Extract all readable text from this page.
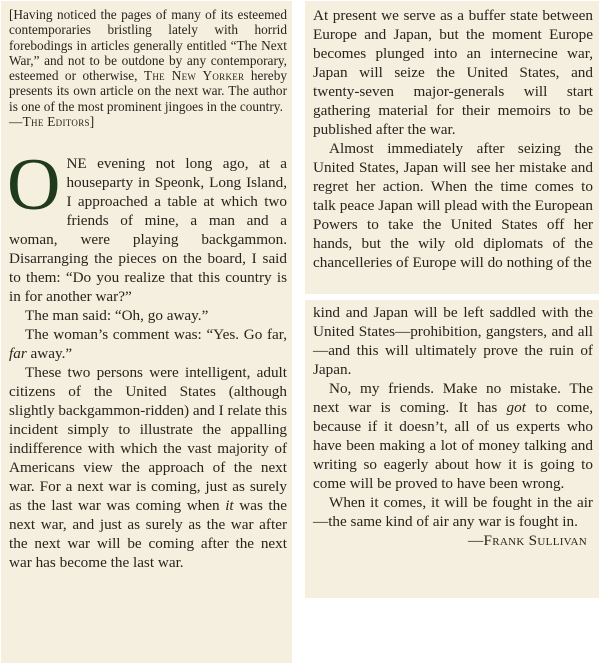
[Having noticed the pages of many of its esteemed contemporaries bristling lately with horrid forebodings in articles generally entitled “The Next War,” and not to be outdone by any contemporary, esteemed or otherwise, The New Yorker hereby presents its own article on the next war. The author is one of the most prominent jingoes in the country.
—The Editors]

ONE evening not long ago, at a houseparty in Speonk, Long Island, I approached a table at which two friends of mine, a man and a woman, were playing backgammon. Disarranging the pieces on the board, I said to them: “Do you realize that this country is in for another war?”

The man said: “Oh, go away.”

The woman’s comment was: “Yes. Go far, far away.”

These two persons were intelligent, adult citizens of the United States (although slightly backgammon-ridden) and I relate this incident simply to illustrate the appalling indifference with which the vast majority of Americans view the approach of the next war. For a next war is coming, just as surely as the last war was coming when it was the next war, and just as surely as the war after the next war will be coming after the next war has become the last war.

At present we serve as a buffer state between Europe and Japan, but the moment Europe becomes plunged into an internecine war, Japan will seize the United States, and twenty-seven major-generals will start gathering material for their memoirs to be published after the war.

Almost immediately after seizing the United States, Japan will see her mistake and regret her action. When the time comes to talk peace Japan will plead with the European Powers to take the United States off her hands, but the wily old diplomats of the chancelleries of Europe will do nothing of the

kind and Japan will be left saddled with the United States—prohibition, gangsters, and all—and this will ultimately prove the ruin of Japan.

No, my friends. Make no mistake. The next war is coming. It has got to come, because if it doesn’t, all of us experts who have been making a lot of money talking and writing so eagerly about how it is going to come will be proved to have been wrong.

When it comes, it will be fought in the air—the same kind of air any war is fought in.
—Frank Sullivan
